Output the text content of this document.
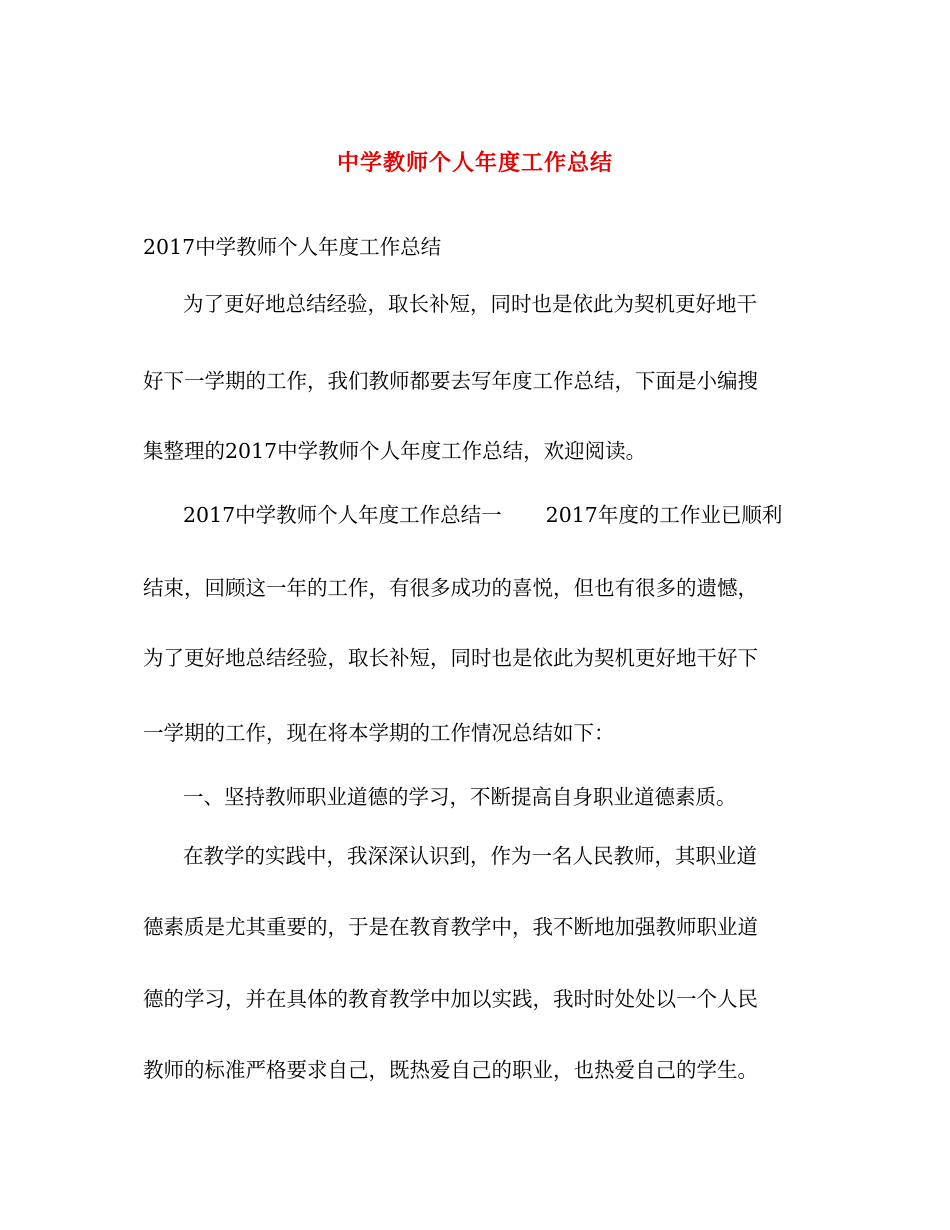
中学教师个人年度工作总结
2017中学教师个人年度工作总结
为了更好地总结经验，取长补短，同时也是依此为契机更好地干
好下一学期的工作，我们教师都要去写年度工作总结，下面是小编搜
集整理的2017中学教师个人年度工作总结，欢迎阅读。
2017中学教师个人年度工作总结一 2017年度的工作业已顺利
结束，回顾这一年的工作，有很多成功的喜悦，但也有很多的遗憾，
为了更好地总结经验，取长补短，同时也是依此为契机更好地干好下
一学期的工作，现在将本学期的工作情况总结如下：
一、坚持教师职业道德的学习，不断提高自身职业道德素质。
在教学的实践中，我深深认识到，作为一名人民教师，其职业道
德素质是尤其重要的，于是在教育教学中，我不断地加强教师职业道
德的学习，并在具体的教育教学中加以实践，我时时处处以一个人民
教师的标准严格要求自己，既热爱自己的职业，也热爱自己的学生。
